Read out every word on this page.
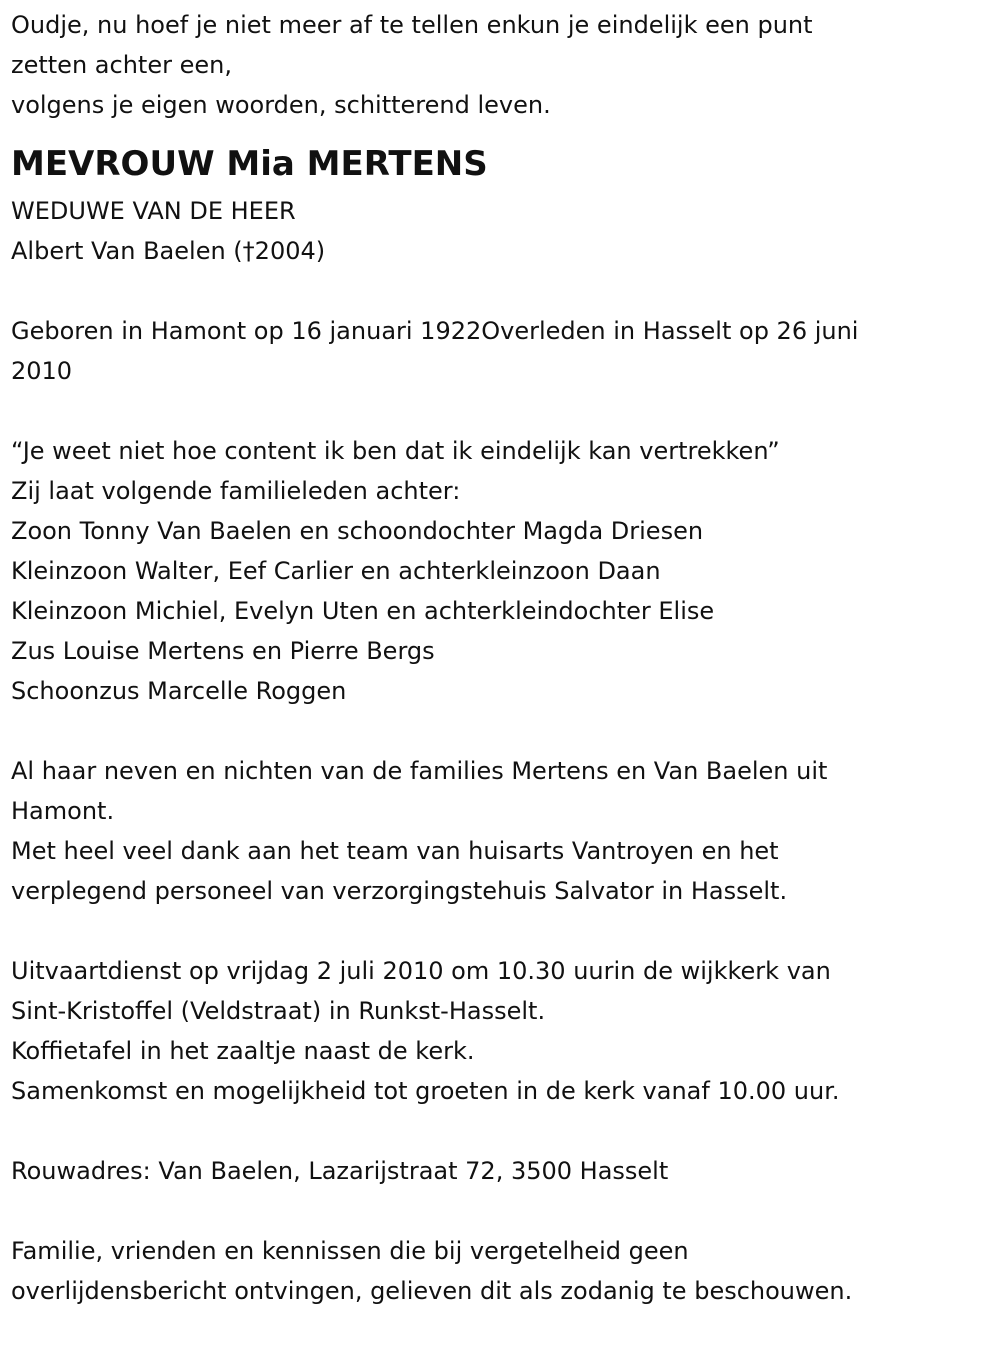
Oudje, nu hoef je niet meer af te tellen enkun je eindelijk een punt
zetten achter een,
volgens je eigen woorden, schitterend leven.
MEVROUW Mia MERTENS
WEDUWE VAN DE HEER
Albert Van Baelen (†2004)
Geboren in Hamont op 16 januari 1922Overleden in Hasselt op 26 juni
2010
“Je weet niet hoe content ik ben dat ik eindelijk kan vertrekken”
Zij laat volgende familieleden achter:
Zoon Tonny Van Baelen en schoondochter Magda Driesen
Kleinzoon Walter, Eef Carlier en achterkleinzoon Daan
Kleinzoon Michiel, Evelyn Uten en achterkleindochter Elise
Zus Louise Mertens en Pierre Bergs
Schoonzus Marcelle Roggen
Al haar neven en nichten van de families Mertens en Van Baelen uit
Hamont.
Met heel veel dank aan het team van huisarts Vantroyen en het
verplegend personeel van verzorgingstehuis Salvator in Hasselt.
Uitvaartdienst op vrijdag 2 juli 2010 om 10.30 uurin de wijkkerk van
Sint-Kristoffel (Veldstraat) in Runkst-Hasselt.
Koffietafel in het zaaltje naast de kerk.
Samenkomst en mogelijkheid tot groeten in de kerk vanaf 10.00 uur.
Rouwadres: Van Baelen, Lazarijstraat 72, 3500 Hasselt
Familie, vrienden en kennissen die bij vergetelheid geen
overlijdensbericht ontvingen, gelieven dit als zodanig te beschouwen.
